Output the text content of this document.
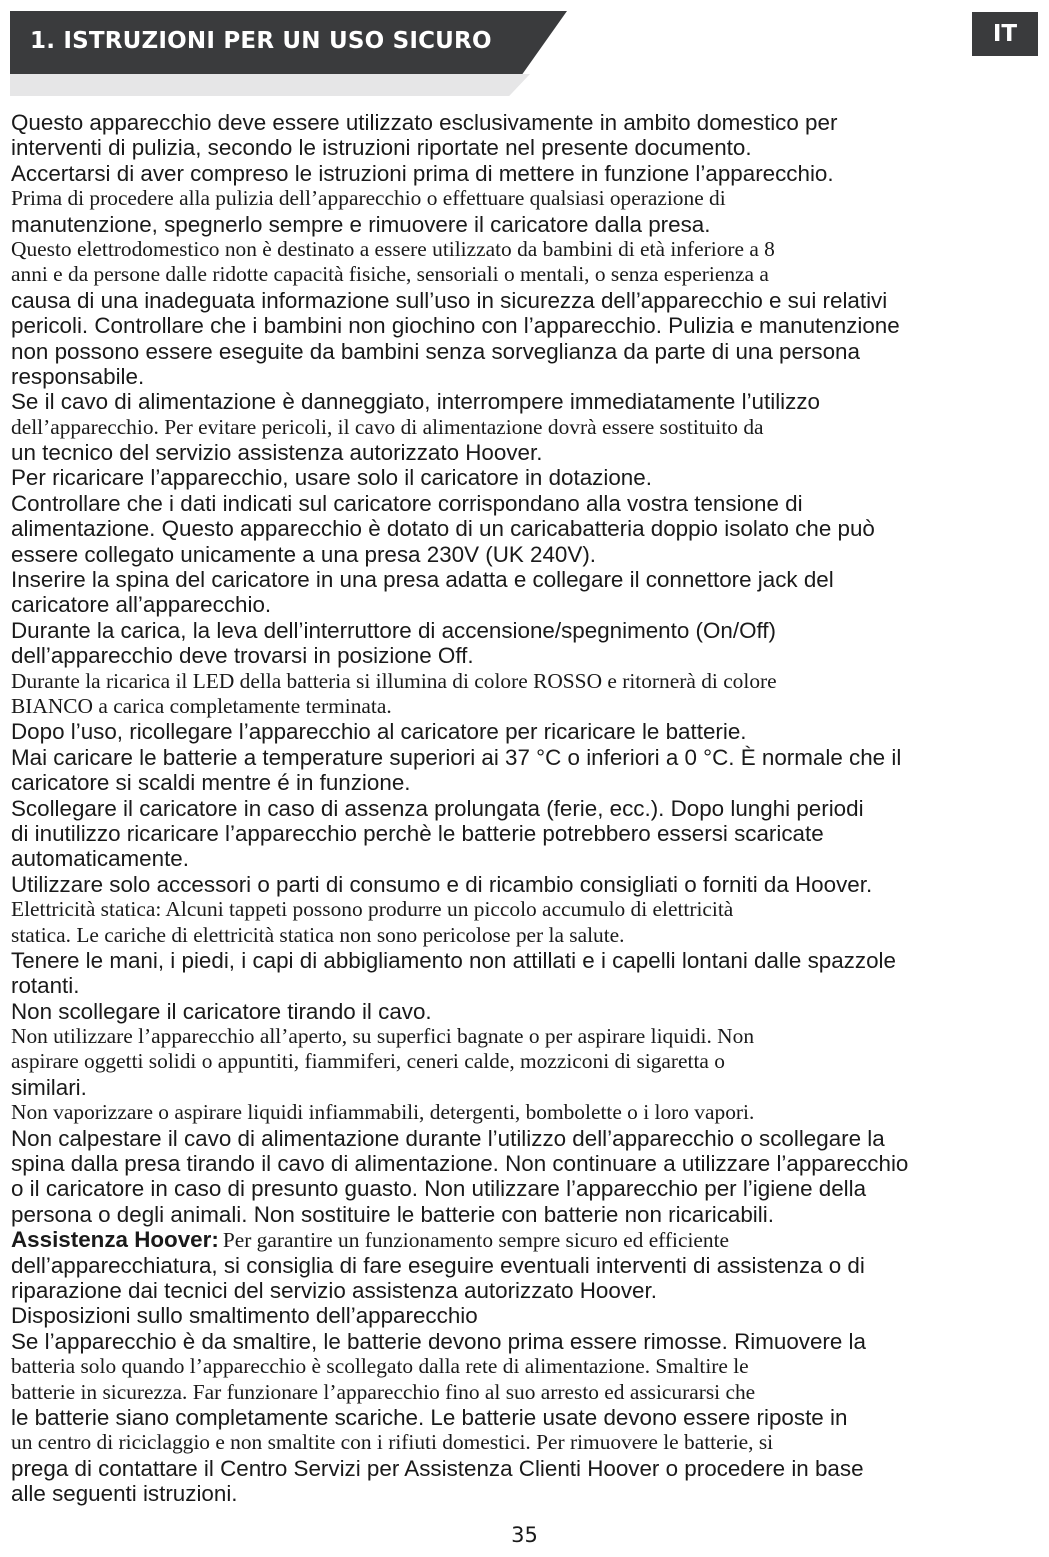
1. ISTRUZIONI PER UN USO SICURO	IT
Questo apparecchio deve essere utilizzato esclusivamente in ambito domestico per
interventi di pulizia, secondo le istruzioni riportate nel presente documento.
Accertarsi di aver compreso le istruzioni prima di mettere in funzione l’apparecchio.
Prima di procedere alla pulizia dell’apparecchio o effettuare qualsiasi operazione di
manutenzione, spegnerlo sempre e rimuovere il caricatore dalla presa.
Questo elettrodomestico non è destinato a essere utilizzato da bambini di età inferiore a 8
anni e da persone dalle ridotte capacità fisiche, sensoriali o mentali, o senza esperienza a
causa di una inadeguata informazione sull’uso in sicurezza dell’apparecchio e sui relativi
pericoli. Controllare che i bambini non giochino con l’apparecchio. Pulizia e manutenzione
non possono essere eseguite da bambini senza sorveglianza da parte di una persona
responsabile.
Se il cavo di alimentazione è danneggiato, interrompere immediatamente l’utilizzo
dell’apparecchio. Per evitare pericoli, il cavo di alimentazione dovrà essere sostituito da
un tecnico del servizio assistenza autorizzato Hoover.
Per ricaricare l’apparecchio, usare solo il caricatore in dotazione.
Controllare che i dati indicati sul caricatore corrispondano alla vostra tensione di
alimentazione. Questo apparecchio è dotato di un caricabatteria doppio isolato che può
essere collegato unicamente a una presa 230V (UK 240V).
Inserire la spina del caricatore in una presa adatta e collegare il connettore jack del
caricatore all’apparecchio.
Durante la carica, la leva dell’interruttore di accensione/spegnimento (On/Off)
dell’apparecchio deve trovarsi in posizione Off.
Durante la ricarica il LED della batteria si illumina di colore ROSSO e ritornerà di colore
BIANCO a carica completamente terminata.
Dopo l’uso, ricollegare l’apparecchio al caricatore per ricaricare le batterie.
Mai caricare le batterie a temperature superiori ai 37 °C o inferiori a 0 °C. È normale che il
caricatore si scaldi mentre é in funzione.
Scollegare il caricatore in caso di assenza prolungata (ferie, ecc.). Dopo lunghi periodi
di inutilizzo ricaricare l’apparecchio perchè le batterie potrebbero essersi scaricate
automaticamente.
Utilizzare solo accessori o parti di consumo e di ricambio consigliati o forniti da Hoover.
Elettricità statica: Alcuni tappeti possono produrre un piccolo accumulo di elettricità
statica. Le cariche di elettricità statica non sono pericolose per la salute.
Tenere le mani, i piedi, i capi di abbigliamento non attillati e i capelli lontani dalle spazzole
rotanti.
Non scollegare il caricatore tirando il cavo.
Non utilizzare l’apparecchio all’aperto, su superfici bagnate o per aspirare liquidi. Non
aspirare oggetti solidi o appuntiti, fiammiferi, ceneri calde, mozziconi di sigaretta o
similari.
Non vaporizzare o aspirare liquidi infiammabili, detergenti, bombolette o i loro vapori.
Non calpestare il cavo di alimentazione durante l’utilizzo dell’apparecchio o scollegare la
spina dalla presa tirando il cavo di alimentazione. Non continuare a utilizzare l’apparecchio
o il caricatore in caso di presunto guasto. Non utilizzare l’apparecchio per l’igiene della
persona o degli animali. Non sostituire le batterie con batterie non ricaricabili.
Assistenza Hoover: Per garantire un funzionamento sempre sicuro ed efficiente
dell’apparecchiatura, si consiglia di fare eseguire eventuali interventi di assistenza o di
riparazione dai tecnici del servizio assistenza autorizzato Hoover.
Disposizioni sullo smaltimento dell’apparecchio
Se l’apparecchio è da smaltire, le batterie devono prima essere rimosse. Rimuovere la
batteria solo quando l’apparecchio è scollegato dalla rete di alimentazione. Smaltire le
batterie in sicurezza. Far funzionare l’apparecchio fino al suo arresto ed assicurarsi che
le batterie siano completamente scariche. Le batterie usate devono essere riposte in
un centro di riciclaggio e non smaltite con i rifiuti domestici. Per rimuovere le batterie, si
prega di contattare il Centro Servizi per Assistenza Clienti Hoover o procedere in base
alle seguenti istruzioni.
35
